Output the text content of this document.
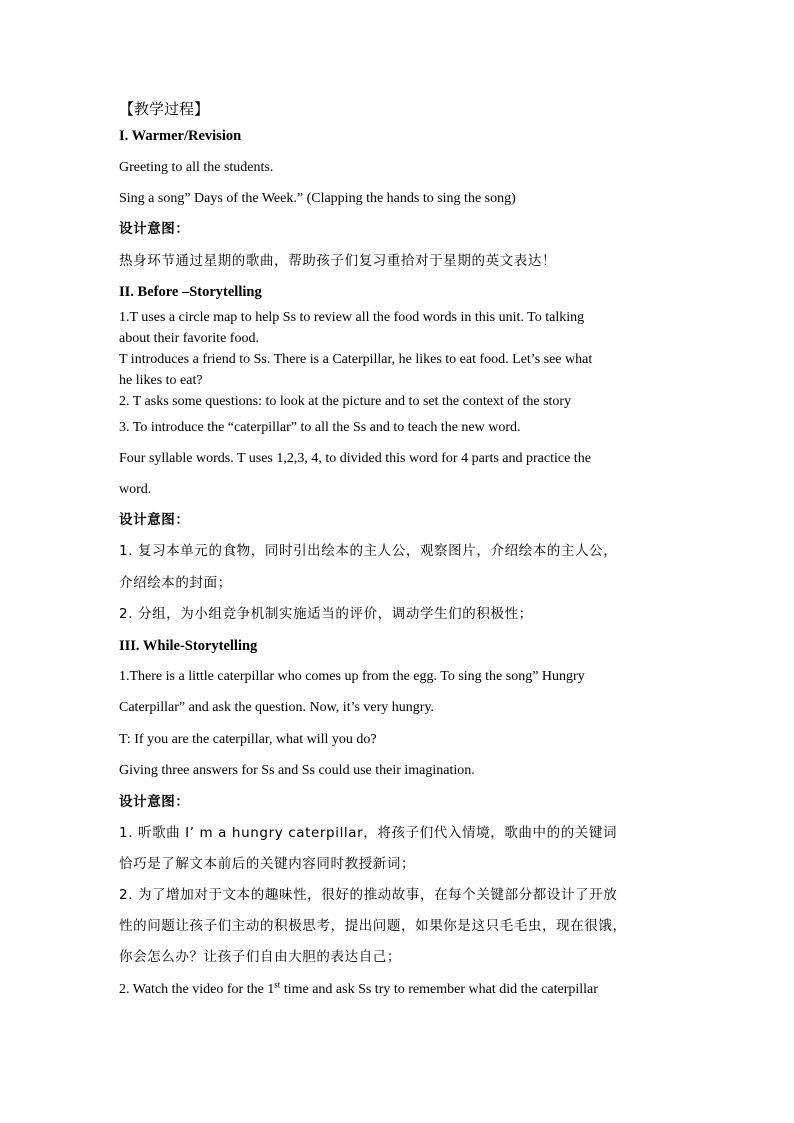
【教学过程】
I. Warmer/Revision
Greeting to all the students.
Sing a song” Days of the Week.” (Clapping the hands to sing the song)
设计意图：
热身环节通过星期的歌曲，帮助孩子们复习重拾对于星期的英文表达！
II. Before –Storytelling
1.T uses a circle map to help Ss to review all the food words in this unit. To talking
about their favorite food.
T introduces a friend to Ss. There is a Caterpillar, he likes to eat food. Let’s see what
he likes to eat?
2. T asks some questions: to look at the picture and to set the context of the story
3. To introduce the “caterpillar” to all the Ss and to teach the new word.
Four syllable words. T uses 1,2,3, 4, to divided this word for 4 parts and practice the
word.
设计意图：
1. 复习本单元的食物，同时引出绘本的主人公，观察图片，介绍绘本的主人公，
介绍绘本的封面；
2. 分组，为小组竞争机制实施适当的评价，调动学生们的积极性；
III. While-Storytelling
1.There is a little caterpillar who comes up from the egg. To sing the song” Hungry
Caterpillar” and ask the question. Now, it’s very hungry.
T: If you are the caterpillar, what will you do?
Giving three answers for Ss and Ss could use their imagination.
设计意图：
1. 听歌曲 I’ m a hungry caterpillar，将孩子们代入情境，歌曲中的的关键词
恰巧是了解文本前后的关键内容同时教授新词；
2. 为了增加对于文本的趣味性，很好的推动故事，在每个关键部分都设计了开放
性的问题让孩子们主动的积极思考，提出问题，如果你是这只毛毛虫，现在很饿，
你会怎么办？让孩子们自由大胆的表达自己；
2. Watch the video for the 1st time and ask Ss try to remember what did the caterpillar
